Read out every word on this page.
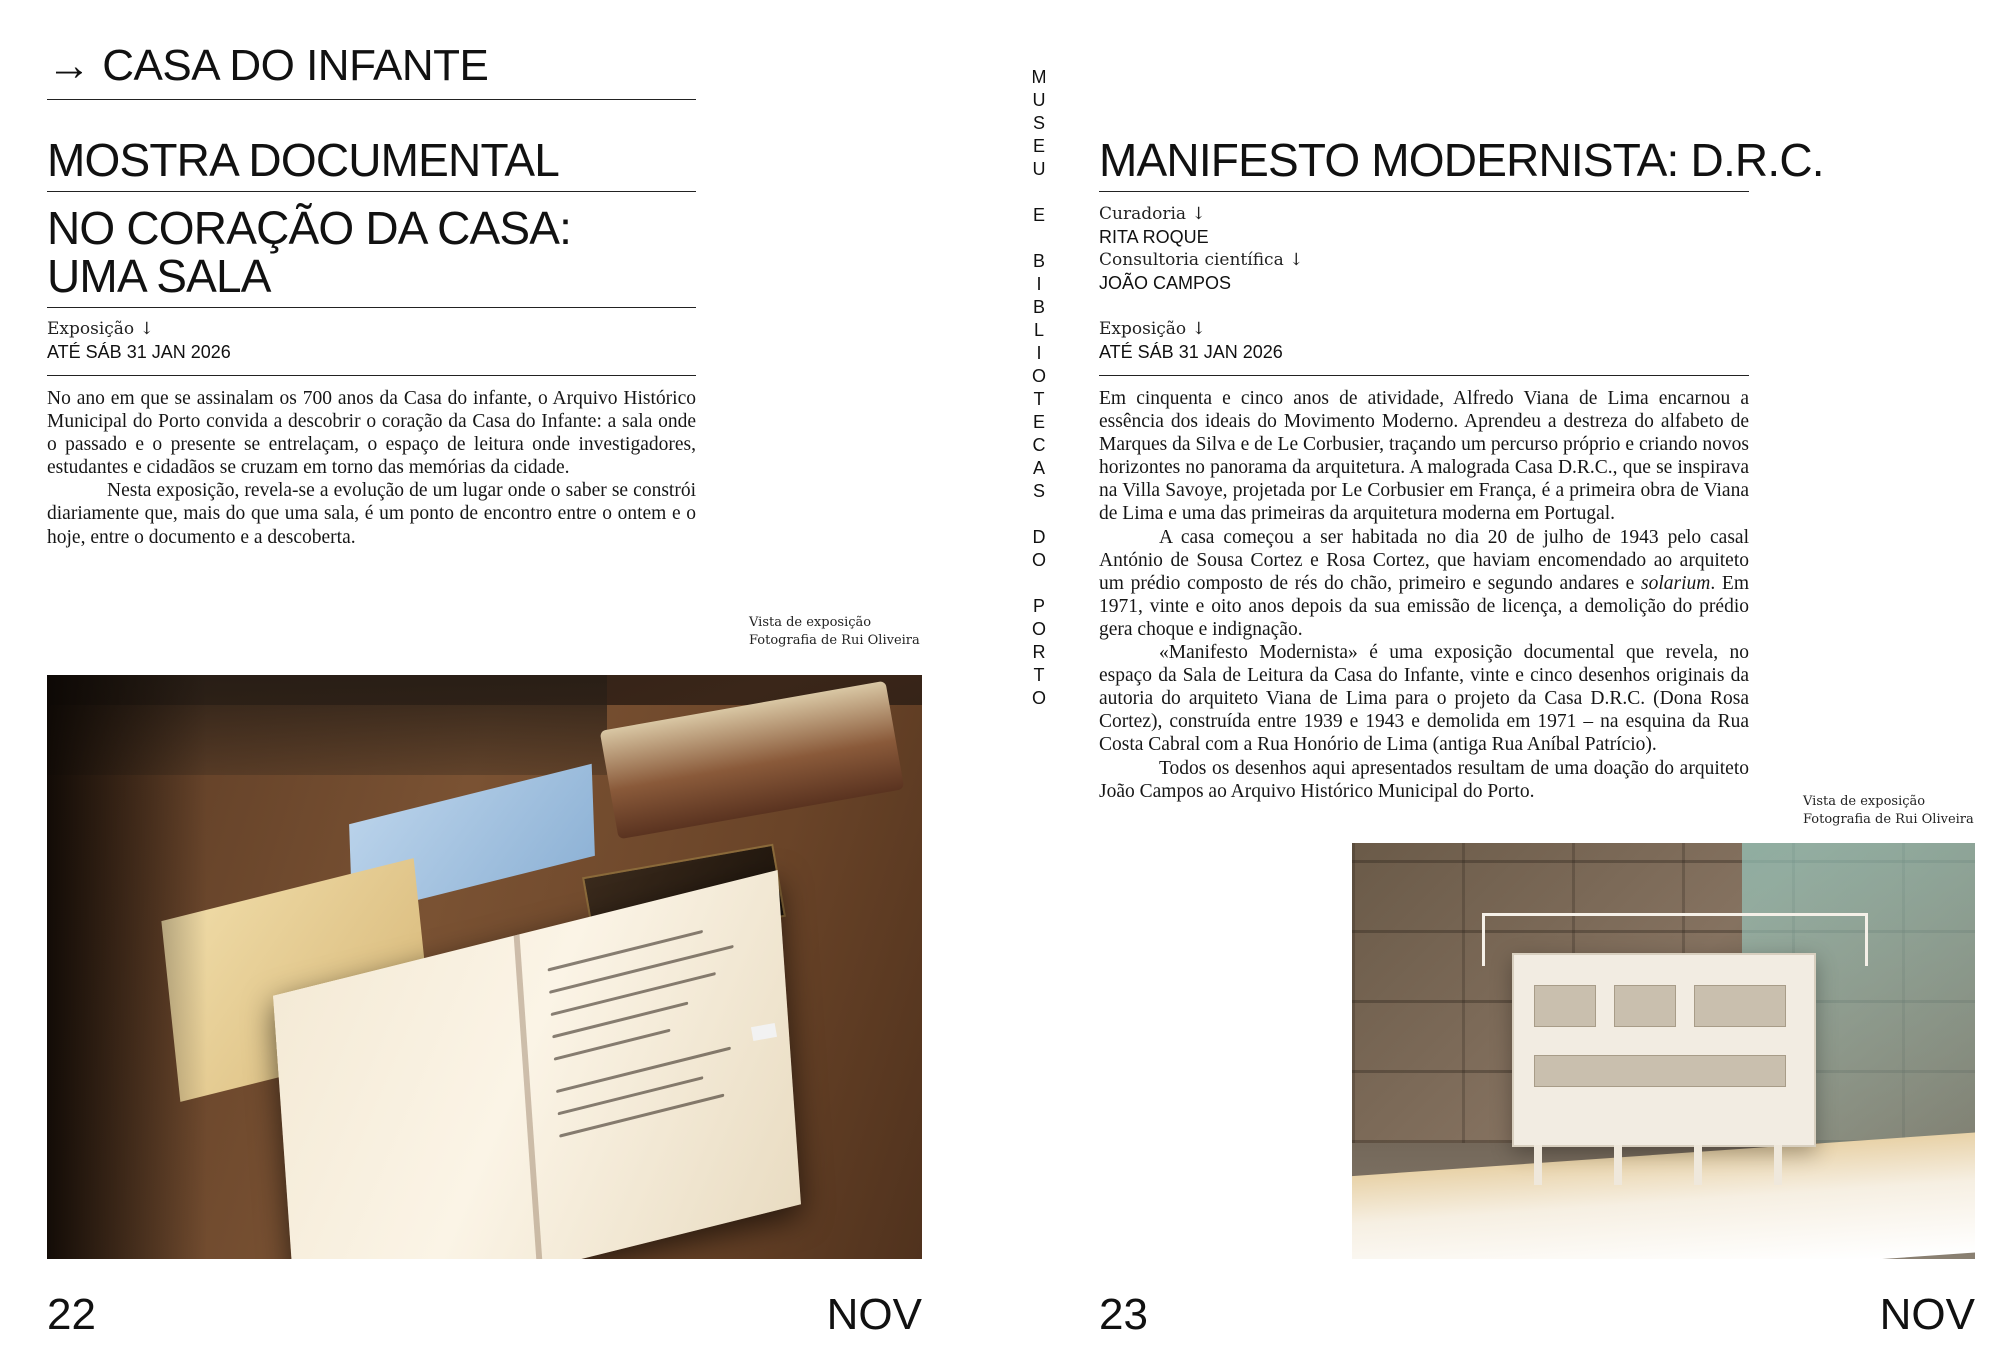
→ CASA DO INFANTE
MOSTRA DOCUMENTAL
NO CORAÇÃO DA CASA:
UMA SALA
Exposição ↓
ATÉ SÁB 31 JAN 2026

No ano em que se assinalam os 700 anos da Casa do infante, o Arquivo Histórico Municipal do Porto convida a descobrir o coração da Casa do Infante: a sala onde o passado e o presente se entrelaçam, o espaço de leitura onde investigadores, estudantes e cidadãos se cruzam em torno das memórias da cidade.

Nesta exposição, revela-se a evolução de um lugar onde o saber se constrói diariamente que, mais do que uma sala, é um ponto de encontro entre o ontem e o hoje, entre o documento e a descoberta.

Vista de exposição
Fotografia de Rui Oliveira
22	NOV
M
U
S
E
U

E

B
I
B
L
I
O
T
E
C
A
S

D
O

P
O
R
T
O
MANIFESTO MODERNISTA: D.R.C.
Curadoria ↓
RITA ROQUE
Consultoria científica ↓
JOÃO CAMPOS
Exposição ↓
ATÉ SÁB 31 JAN 2026

Em cinquenta e cinco anos de atividade, Alfredo Viana de Lima encarnou a essência dos ideais do Movimento Moderno. Aprendeu a destreza do alfabeto de Marques da Silva e de Le Corbusier, traçando um percurso próprio e criando novos horizontes no panorama da arquitetura. A malograda Casa D.R.C., que se inspirava na Villa Savoye, projetada por Le Corbusier em França, é a primeira obra de Viana de Lima e uma das primeiras da arquitetura moderna em Portugal.

A casa começou a ser habitada no dia 20 de julho de 1943 pelo casal António de Sousa Cortez e Rosa Cortez, que haviam encomendado ao arquiteto um prédio composto de rés do chão, primeiro e segundo andares e solarium. Em 1971, vinte e oito anos depois da sua emissão de licença, a demolição do prédio gera choque e indignação.

«Manifesto Modernista» é uma exposição documental que revela, no espaço da Sala de Leitura da Casa do Infante, vinte e cinco desenhos originais da autoria do arquiteto Viana de Lima para o projeto da Casa D.R.C. (Dona Rosa Cortez), construída entre 1939 e 1943 e demolida em 1971 – na esquina da Rua Costa Cabral com a Rua Honório de Lima (antiga Rua Aníbal Patrício).

Todos os desenhos aqui apresentados resultam de uma doação do arquiteto João Campos ao Arquivo Histórico Municipal do Porto.	Vista de exposição
Fotografia de Rui Oliveira
23	NOV
